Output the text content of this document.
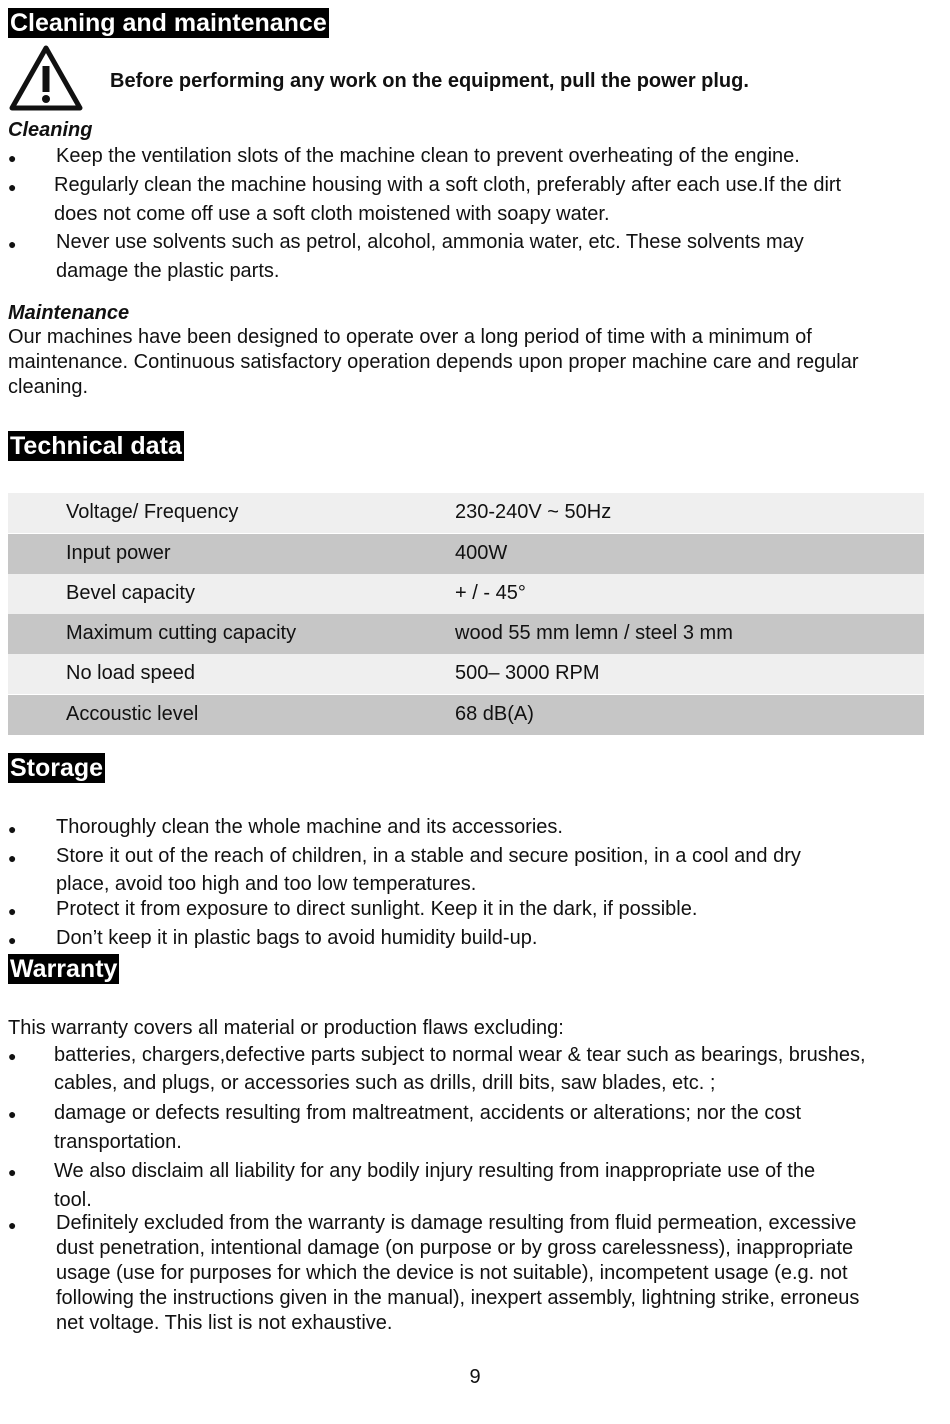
Cleaning and maintenance
Before performing any work on the equipment, pull the power plug.
Cleaning
● Keep the ventilation slots of the machine clean to prevent overheating of the engine.
● Regularly clean the machine housing with a soft cloth, preferably after each use.If the dirt
does not come off use a soft cloth moistened with soapy water.
● Never use solvents such as petrol, alcohol, ammonia water, etc. These solvents may
damage the plastic parts.
Maintenance
Our machines have been designed to operate over a long period of time with a minimum of
maintenance. Continuous satisfactory operation depends upon proper machine care and regular
cleaning.
Technical data
Voltage/ Frequency	230-240V ~ 50Hz
Input power	400W
Bevel capacity	+ / - 45°
Maximum cutting capacity	wood 55 mm lemn / steel 3 mm
No load speed	500– 3000 RPM
Accoustic level	68 dB(A)
Storage
● Thoroughly clean the whole machine and its accessories.
● Store it out of the reach of children, in a stable and secure position, in a cool and dry
place, avoid too high and too low temperatures.
● Protect it from exposure to direct sunlight. Keep it in the dark, if possible.
● Don’t keep it in plastic bags to avoid humidity build-up.
Warranty
This warranty covers all material or production flaws excluding:
● batteries, chargers,defective parts subject to normal wear & tear such as bearings, brushes,
cables, and plugs, or accessories such as drills, drill bits, saw blades, etc. ;
● damage or defects resulting from maltreatment, accidents or alterations; nor the cost
transportation.
● We also disclaim all liability for any bodily injury resulting from inappropriate use of the
tool.
● Definitely excluded from the warranty is damage resulting from fluid permeation, excessive
dust penetration, intentional damage (on purpose or by gross carelessness), inappropriate
usage (use for purposes for which the device is not suitable), incompetent usage (e.g. not
following the instructions given in the manual), inexpert assembly, lightning strike, erroneus
net voltage. This list is not exhaustive.
9
